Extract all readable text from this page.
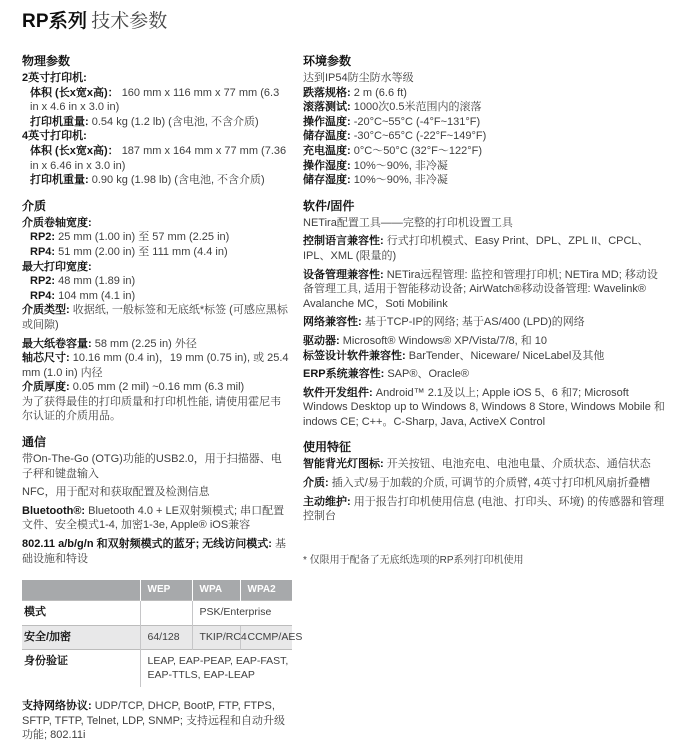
RP系列 技术参数
物理参数

2英寸打印机:

体积 (长x宽x高)： 160 mm x 116 mm x 77 mm (6.3 in x 4.6 in x 3.0 in)

打印机重量: 0.54 kg (1.2 lb) (含电池, 不含介质)

4英寸打印机:

体积 (长x宽x高)： 187 mm x 164 mm x 77 mm (7.36 in x 6.46 in x 3.0 in)

打印机重量: 0.90 kg (1.98 lb) (含电池, 不含介质)

介质

介质卷轴宽度:

RP2: 25 mm (1.00 in) 至 57 mm (2.25 in)

RP4: 51 mm (2.00 in) 至 111 mm (4.4 in)

最大打印宽度:

RP2: 48 mm (1.89 in)

RP4: 104 mm (4.1 in)

介质类型: 收据纸, 一般标签和无底纸*标签 (可感应黑标或间隙)

最大纸卷容量: 58 mm (2.25 in) 外径

轴芯尺寸: 10.16 mm (0.4 in)，19 mm (0.75 in), 或 25.4 mm (1.0 in) 内径

介质厚度: 0.05 mm (2 mil) ~0.16 mm (6.3 mil)

为了获得最佳的打印质量和打印机性能, 请使用霍尼韦尔认证的介质用品。

通信

带On-The-Go (OTG)功能的USB2.0，用于扫描器、电子秤和键盘输入

NFC，用于配对和获取配置及检测信息

Bluetooth®: Bluetooth 4.0 + LE双射频模式; 串口配置文件、安全模式1-4, 加密1-3e, Apple® iOS兼容

802.11 a/b/g/n 和双射频模式的蓝牙; 无线访问模式: 基础设施和特设

	WEP	WPA	WPA2
模式		PSK/Enterprise	
安全/加密	64/128	TKIP/RC4	CCMP/AES
身份验证	LEAP, EAP-PEAP, EAP-FAST, EAP-TTLS, EAP-LEAP		

支持网络协议: UDP/TCP, DHCP, BootP, FTP, FTPS, SFTP, TFTP, Telnet, LDP, SNMP; 支持远程和自动升级功能; 802.11i

环境参数

达到IP54防尘防水等级

跌落规格: 2 m (6.6 ft)

滚落测试: 1000次0.5米范围内的滚落

操作温度: -20°C~55°C (-4°F~131°F)

储存温度: -30°C~65°C (-22°F~149°F)

充电温度: 0°C～50°C (32°F～122°F)

操作湿度: 10%～90%, 非冷凝

储存湿度: 10%～90%, 非冷凝

软件/固件

NETira配置工具——完整的打印机设置工具

控制语言兼容性: 行式打印机模式、Easy Print、DPL、ZPL II、CPCL、IPL、XML (限量的)

设备管理兼容性: NETira远程管理: 监控和管理打印机; NETira MD; 移动设备管理工具, 适用于智能移动设备; AirWatch®移动设备管理: Wavelink® Avalanche MC，Soti Mobilink

网络兼容性: 基于TCP-IP的网络; 基于AS/400 (LPD)的网络

驱动器: Microsoft® Windows® XP/Vista/7/8, 和 10

标签设计软件兼容性: BarTender、Niceware/ NiceLabel及其他

ERP系统兼容性: SAP®、Oracle®

软件开发组件: Android™ 2.1及以上; Apple iOS 5、6 和7; Microsoft Windows Desktop up to Windows 8, Windows 8 Store, Windows Mobile 和 indows CE; C++。C-Sharp, Java, ActiveX Control

使用特征

智能背光灯图标: 开关按钮、电池充电、电池电量、介质状态、通信状态

介质: 插入式/易于加载的介质, 可调节的介质臂, 4英寸打印机风扇折叠槽

主动维护: 用于报告打印机使用信息 (电池、打印头、环境) 的传感器和管理控制台

* 仅限用于配备了无底纸选项的RP系列打印机使用
